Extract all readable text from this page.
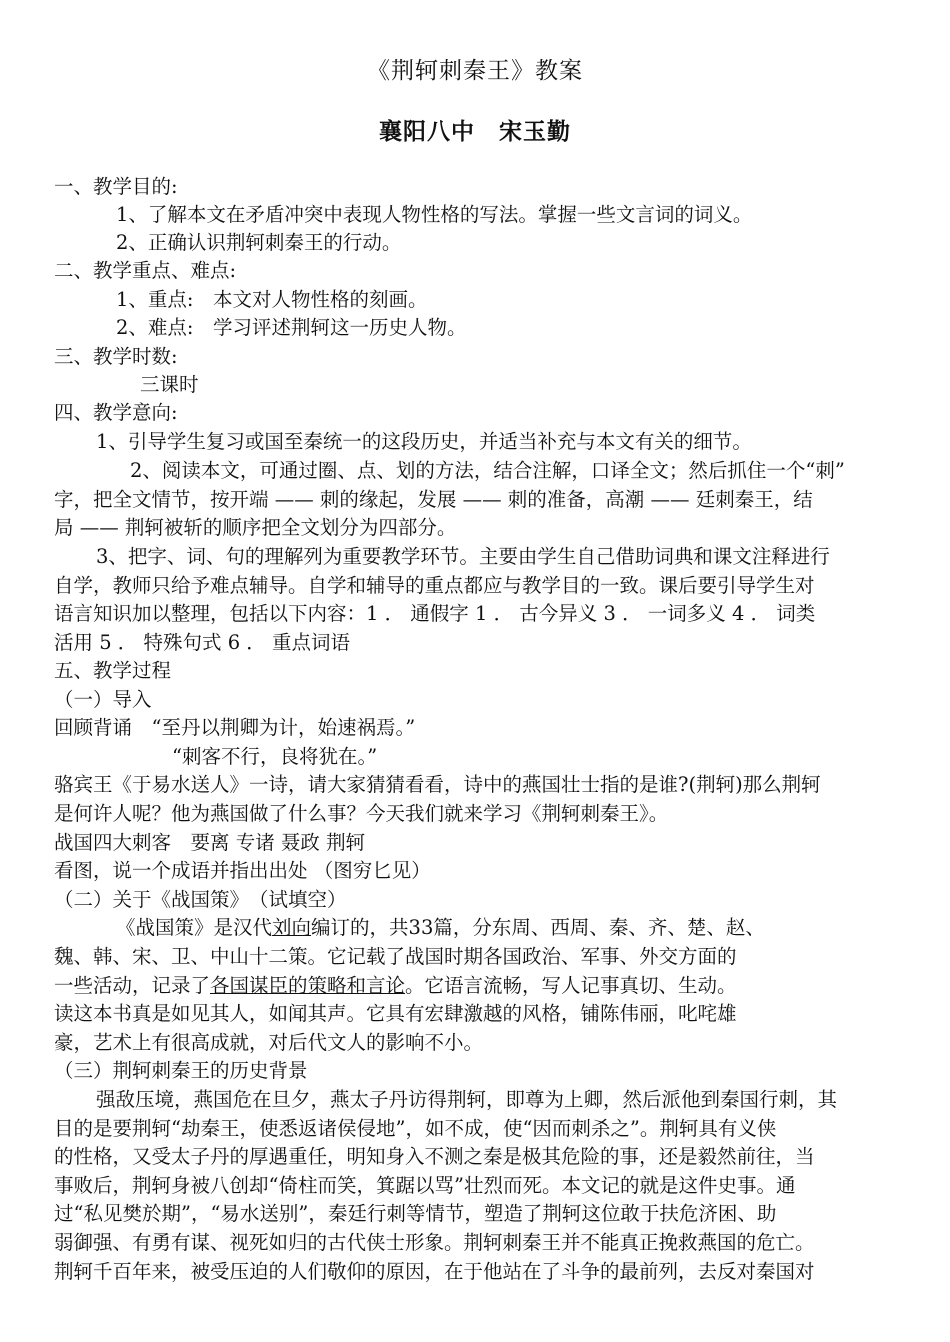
《荆轲刺秦王》教案
襄阳八中　宋玉勤
一、教学目的:
1、了解本文在矛盾冲突中表现人物性格的写法。掌握一些文言词的词义。
2、正确认识荆轲刺秦王的行动。
二、教学重点、难点:
1、重点:　本文对人物性格的刻画。
2、难点:　学习评述荆轲这一历史人物。
三、教学时数:
三课时
四、教学意向:
1、引导学生复习或国至秦统一的这段历史，并适当补充与本文有关的细节。
2、阅读本文，可通过圈、点、划的方法，结合注解，口译全文；然后抓住一个“刺”
字，把全文情节，按开端 —— 刺的缘起，发展 —— 刺的准备，高潮 —— 廷刺秦王，结
局 —— 荆轲被斩的顺序把全文划分为四部分。
3、把字、词、句的理解列为重要教学环节。主要由学生自己借助词典和课文注释进行
自学，教师只给予难点辅导。自学和辅导的重点都应与教学目的一致。课后要引导学生对
语言知识加以整理，包括以下内容：1 ． 通假字 1 ． 古今异义 3 ． 一词多义 4 ． 词类
活用 5 ． 特殊句式 6 ． 重点词语
五、教学过程
（一）导入
回顾背诵　“至丹以荆卿为计，始速祸焉。”
“刺客不行，良将犹在。”
骆宾王《于易水送人》一诗，请大家猜猜看看，诗中的燕国壮士指的是谁?(荆轲)那么荆轲
是何许人呢？他为燕国做了什么事？今天我们就来学习《荆轲刺秦王》。
战国四大刺客　要离 专诸 聂政 荆轲
看图，说一个成语并指出出处 （图穷匕见）
（二）关于《战国策》　（试填空）
《战国策》是汉代刘向编订的，共33篇，分东周、西周、秦、齐、楚、赵、
魏、韩、宋、卫、中山十二策。它记载了战国时期各国政治、军事、外交方面的
一些活动，记录了各国谋臣的策略和言论。它语言流畅，写人记事真切、生动。
读这本书真是如见其人，如闻其声。它具有宏肆激越的风格，铺陈伟丽，叱咤雄
豪，艺术上有很高成就，对后代文人的影响不小。
（三）荆轲刺秦王的历史背景
强敌压境，燕国危在旦夕，燕太子丹访得荆轲，即尊为上卿，然后派他到秦国行刺，其
目的是要荆轲“劫秦王，使悉返诸侯侵地”，如不成，使“因而刺杀之”。荆轲具有义侠
的性格，又受太子丹的厚遇重任，明知身入不测之秦是极其危险的事，还是毅然前往，当
事败后，荆轲身被八创却“倚柱而笑，箕踞以骂”壮烈而死。本文记的就是这件史事。通
过“私见樊於期”，“易水送别”，秦廷行刺等情节，塑造了荆轲这位敢于扶危济困、助
弱御强、有勇有谋、视死如归的古代侠士形象。荆轲刺秦王并不能真正挽救燕国的危亡。
荆轲千百年来，被受压迫的人们敬仰的原因，在于他站在了斗争的最前列，去反对秦国对
